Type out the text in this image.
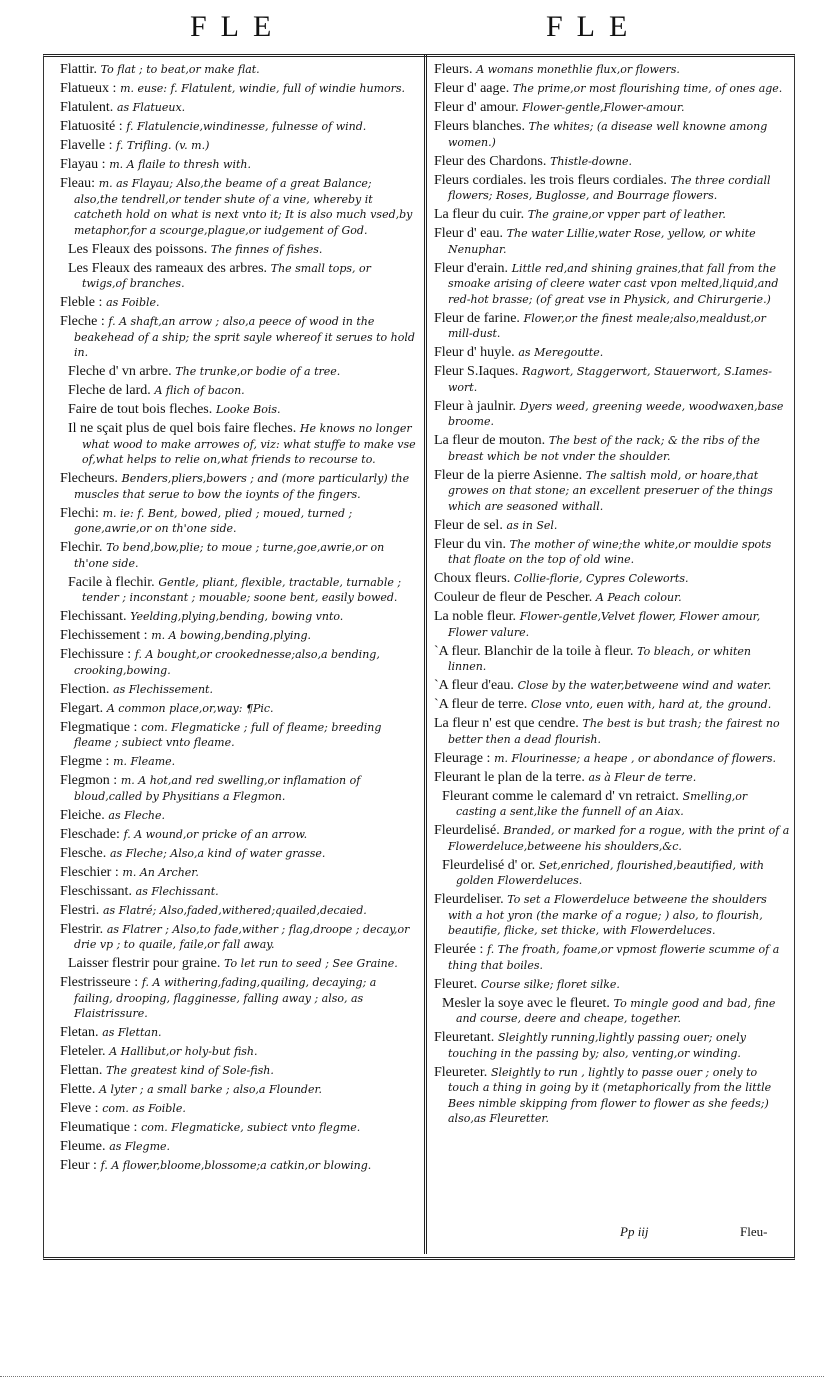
FLE	FLE
Flattir. To flat ; to beat,or make flat.
Flatueux : m. euse: f. Flatulent, windie, full of windie humors.
Flatulent. as Flatueux.
Flatuosité : f. Flatulencie,windinesse, fulnesse of wind.
Flavelle : f. Trifling. (v. m.)
Flayau : m. A flaile to thresh with.
Fleau: m. as Flayau; Also,the beame of a great Balance; also,the tendrell,or tender shute of a vine, whereby it catcheth hold on what is next vnto it; It is also much vsed,by metaphor,for a scourge,plague,or iudgement of God.
Les Fleaux des poissons. The finnes of fishes.
Les Fleaux des rameaux des arbres. The small tops, or twigs,of branches.
Fleble : as Foible.
Fleche : f. A shaft,an arrow ; also,a peece of wood in the beakehead of a ship; the sprit sayle whereof it serues to hold in.
Fleche d' vn arbre. The trunke,or bodie of a tree.
Fleche de lard. A flich of bacon.
Faire de tout bois fleches. Looke Bois.
Il ne sçait plus de quel bois faire fleches. He knows no longer what wood to make arrowes of, viz: what stuffe to make vse of,what helps to relie on,what friends to recourse to.
Flecheurs. Benders,pliers,bowers ; and (more particularly) the muscles that serue to bow the ioynts of the fingers.
Flechi: m. ie: f. Bent, bowed, plied ; moued, turned ; gone,awrie,or on th'one side.
Flechir. To bend,bow,plie; to moue ; turne,goe,awrie,or on th'one side.
Facile à flechir. Gentle, pliant, flexible, tractable, turnable ; tender ; inconstant ; mouable; soone bent, easily bowed.
Flechissant. Yeelding,plying,bending, bowing vnto.
Flechissement : m. A bowing,bending,plying.
Flechissure : f. A bought,or crookednesse;also,a bending, crooking,bowing.
Flection. as Flechissement.
Flegart. A common place,or,way: ¶Pic.
Flegmatique : com. Flegmaticke ; full of fleame; breeding fleame ; subiect vnto fleame.
Flegme : m. Fleame.
Flegmon : m. A hot,and red swelling,or inflamation of bloud,called by Physitians a Flegmon.
Fleiche. as Fleche.
Fleschade: f. A wound,or pricke of an arrow.
Flesche. as Fleche; Also,a kind of water grasse.
Fleschier : m. An Archer.
Fleschissant. as Flechissant.
Flestri. as Flatré; Also,faded,withered;quailed,decaied.
Flestrir. as Flatrer ; Also,to fade,wither ; flag,droope ; decay,or drie vp ; to quaile, faile,or fall away.
Laisser flestrir pour graine. To let run to seed ; See Graine.
Flestrisseure : f. A withering,fading,quailing, decaying; a failing, drooping, flagginesse, falling away ; also, as Flaistrissure.
Fletan. as Flettan.
Fleteler. A Hallibut,or holy-but fish.
Flettan. The greatest kind of Sole-fish.
Flette. A lyter ; a small barke ; also,a Flounder.
Fleve : com. as Foible.
Fleumatique : com. Flegmaticke, subiect vnto flegme.
Fleume. as Flegme.
Fleur : f. A flower,bloome,blossome;a catkin,or blowing.
Fleurs. A womans monethlie flux,or flowers.
Fleur d' aage. The prime,or most flourishing time, of ones age.
Fleur d' amour. Flower-gentle,Flower-amour.
Fleurs blanches. The whites; (a disease well knowne among women.)
Fleur des Chardons. Thistle-downe.
Fleurs cordiales. les trois fleurs cordiales. The three cordiall flowers; Roses, Buglosse, and Bourrage flowers.
La fleur du cuir. The graine,or vpper part of leather.
Fleur d' eau. The water Lillie,water Rose, yellow, or white Nenuphar.
Fleur d'erain. Little red,and shining graines,that fall from the smoake arising of cleere water cast vpon melted,liquid,and red-hot brasse; (of great vse in Physick, and Chirurgerie.)
Fleur de farine. Flower,or the finest meale;also,mealdust,or mill-dust.
Fleur d' huyle. as Meregoutte.
Fleur S.Iaques. Ragwort, Staggerwort, Stauerwort, S.Iames-wort.
Fleur à jaulnir. Dyers weed, greening weede, woodwaxen,base broome.
La fleur de mouton. The best of the rack; & the ribs of the breast which be not vnder the shoulder.
Fleur de la pierre Asienne. The saltish mold, or hoare,that growes on that stone; an excellent preseruer of the things which are seasoned withall.
Fleur de sel. as in Sel.
Fleur du vin. The mother of wine;the white,or mouldie spots that floate on the top of old wine.
Choux fleurs. Collie-florie, Cypres Coleworts.
Couleur de fleur de Pescher. A Peach colour.
La noble fleur. Flower-gentle,Velvet flower, Flower amour, Flower valure.
`A fleur. Blanchir de la toile à fleur. To bleach, or whiten linnen.
`A fleur d'eau. Close by the water,betweene wind and water.
`A fleur de terre. Close vnto, euen with, hard at, the ground.
La fleur n' est que cendre. The best is but trash; the fairest no better then a dead flourish.
Fleurage : m. Flourinesse; a heape , or abondance of flowers.
Fleurant le plan de la terre. as à Fleur de terre.
Fleurant comme le calemard d' vn retraict. Smelling,or casting a sent,like the funnell of an Aiax.
Fleurdelisé. Branded, or marked for a rogue, with the print of a Flowerdeluce,betweene his shoulders,&c.
Fleurdelisé d' or. Set,enriched, flourished,beautified, with golden Flowerdeluces.
Fleurdeliser. To set a Flowerdeluce betweene the shoulders with a hot yron (the marke of a rogue; ) also, to flourish, beautifie, flicke, set thicke, with Flowerdeluces.
Fleurée : f. The froath, foame,or vpmost flowerie scumme of a thing that boiles.
Fleuret. Course silke; floret silke.
Mesler la soye avec le fleuret. To mingle good and bad, fine and course, deere and cheape, together.
Fleuretant. Sleightly running,lightly passing ouer; onely touching in the passing by; also, venting,or winding.
Fleureter. Sleightly to run , lightly to passe ouer ; onely to touch a thing in going by it (metaphorically from the little Bees nimble skipping from flower to flower as she feeds;) also,as Fleuretter.
Pp iij	Fleu-
